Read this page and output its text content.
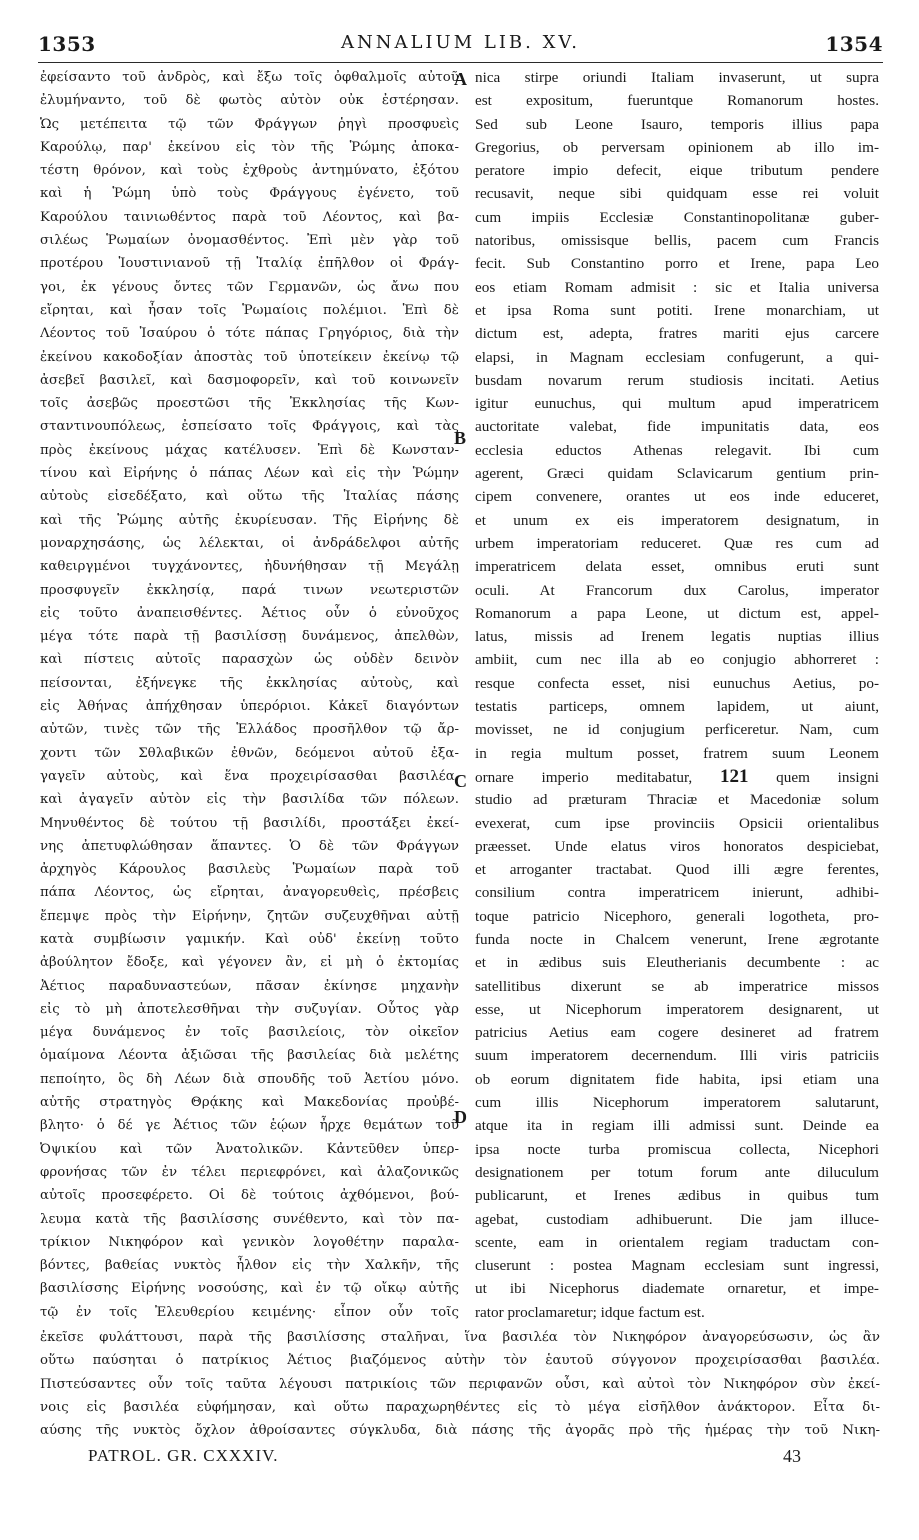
1353	ANNALIUM LIB. XV.	1354
ἐφείσαντο τοῦ ἀνδρὸς, καὶ ἔξω τοῖς ὀφθαλμοῖς αὐτοῦ
ἐλυμήναντο, τοῦ δὲ φωτὸς αὐτὸν οὐκ ἐστέρησαν.
Ὡς μετέπειτα τῷ τῶν Φράγγων ῥηγὶ προσφυεὶς
Καρούλῳ, παρ' ἐκείνου εἰς τὸν τῆς Ῥώμης ἀποκα-
τέστη θρόνον, καὶ τοὺς ἐχθροὺς ἀντημύνατο, ἐξότου
καὶ ἡ Ῥώμη ὑπὸ τοὺς Φράγγους ἐγένετο, τοῦ
Καρούλου ταινιωθέντος παρὰ τοῦ Λέοντος, καὶ βα-
σιλέως Ῥωμαίων ὀνομασθέντος. Ἐπὶ μὲν γὰρ τοῦ
προτέρου Ἰουστινιανοῦ τῇ Ἰταλίᾳ ἐπῆλθον οἱ Φράγ-
γοι, ἐκ γένους ὄντες τῶν Γερμανῶν, ὡς ἄνω που
εἴρηται, καὶ ἦσαν τοῖς Ῥωμαίοις πολέμιοι. Ἐπὶ δὲ
Λέοντος τοῦ Ἰσαύρου ὁ τότε πάπας Γρηγόριος, διὰ τὴν
ἐκείνου κακοδοξίαν ἀποστὰς τοῦ ὑποτείκειν ἐκείνῳ τῷ
ἀσεβεῖ βασιλεῖ, καὶ δασμοφορεῖν, καὶ τοῦ κοινωνεῖν
τοῖς ἀσεβῶς προεστῶσι τῆς Ἐκκλησίας τῆς Κων-
σταντινουπόλεως, ἐσπείσατο τοῖς Φράγγοις, καὶ τὰς
πρὸς ἐκείνους μάχας κατέλυσεν. Ἐπὶ δὲ Κωνσταν-
τίνου καὶ Εἰρήνης ὁ πάπας Λέων καὶ εἰς τὴν Ῥώμην
αὐτοὺς εἰσεδέξατο, καὶ οὕτω τῆς Ἰταλίας πάσης
καὶ τῆς Ῥώμης αὐτῆς ἐκυρίευσαν. Τῆς Εἰρήνης δὲ
μοναρχησάσης, ὡς λέλεκται, οἱ ἀνδράδελφοι αὐτῆς
καθειργμένοι τυγχάνοντες, ἠδυνήθησαν τῇ Μεγάλῃ
προσφυγεῖν ἐκκλησίᾳ, παρά τινων νεωτεριστῶν
εἰς τοῦτο ἀναπεισθέντες. Ἀέτιος οὖν ὁ εὐνοῦχος
μέγα τότε παρὰ τῇ βασιλίσσῃ δυνάμενος, ἀπελθὼν,
καὶ πίστεις αὐτοῖς παρασχὼν ὡς οὐδὲν δεινὸν
πείσονται, ἐξήνεγκε τῆς ἐκκλησίας αὐτοὺς, καὶ
εἰς Ἀθήνας ἀπήχθησαν ὑπερόριοι. Κἀκεῖ διαγόντων
αὐτῶν, τινὲς τῶν τῆς Ἑλλάδος προσῆλθον τῷ ἄρ-
χοντι τῶν Σθλαβικῶν ἐθνῶν, δεόμενοι αὐτοῦ ἐξα-
γαγεῖν αὐτοὺς, καὶ ἕνα προχειρίσασθαι βασιλέα,
καὶ ἀγαγεῖν αὐτὸν εἰς τὴν βασιλίδα τῶν πόλεων.
Μηνυθέντος δὲ τούτου τῇ βασιλίδι, προστάξει ἐκεί-
νης ἀπετυφλώθησαν ἅπαντες. Ὁ δὲ τῶν Φράγγων
ἀρχηγὸς Κάρουλος βασιλεὺς Ῥωμαίων παρὰ τοῦ
πάπα Λέοντος, ὡς εἴρηται, ἀναγορευθεὶς, πρέσβεις
ἔπεμψε πρὸς τὴν Εἰρήνην, ζητῶν συζευχθῆναι αὐτῇ
κατὰ συμβίωσιν γαμικήν. Καὶ οὐδ' ἐκείνῃ τοῦτο
ἀβούλητον ἔδοξε, καὶ γέγονεν ἂν, εἰ μὴ ὁ ἐκτομίας
Ἀέτιος παραδυναστεύων, πᾶσαν ἐκίνησε μηχανὴν
εἰς τὸ μὴ ἀποτελεσθῆναι τὴν συζυγίαν. Οὗτος γὰρ
μέγα δυνάμενος ἐν τοῖς βασιλείοις, τὸν οἰκεῖον
ὁμαίμονα Λέοντα ἀξιῶσαι τῆς βασιλείας διὰ μελέτης
πεποίητο, ὃς δὴ Λέων διὰ σπουδῆς τοῦ Ἀετίου μόνο.
αὐτῆς στρατηγὸς Θρᾴκης καὶ Μακεδονίας προὐβέ-
βλητο· ὁ δέ γε Ἀέτιος τῶν ἑῴων ἦρχε θεμάτων τοῦ
Ὀψικίου καὶ τῶν Ἀνατολικῶν. Κἀντεῦθεν ὑπερ-
φρονήσας τῶν ἐν τέλει περιεφρόνει, καὶ ἀλαζονικῶς
αὐτοῖς προσεφέρετο. Οἱ δὲ τούτοις ἀχθόμενοι, βού-
λευμα κατὰ τῆς βασιλίσσης συνέθεντο, καὶ τὸν πα-
τρίκιον Νικηφόρον καὶ γενικὸν λογοθέτην παραλα-
βόντες, βαθείας νυκτὸς ἦλθον εἰς τὴν Χαλκῆν, τῆς
βασιλίσσης Εἰρήνης νοσούσης, καὶ ἐν τῷ οἴκῳ αὐτῆς
τῷ ἐν τοῖς Ἐλευθερίου κειμένης· εἶπον οὖν τοῖς
nica stirpe oriundi Italiam invaserunt, ut supra
est expositum, fueruntque Romanorum hostes.
Sed sub Leone Isauro, temporis illius papa
Gregorius, ob perversam opinionem ab illo im-
peratore impio defecit, eique tributum pendere
recusavit, neque sibi quidquam esse rei voluit
cum impiis Ecclesiæ Constantinopolitanæ guber-
natoribus, omissisque bellis, pacem cum Francis
fecit. Sub Constantino porro et Irene, papa Leo
eos etiam Romam admisit : sic et Italia universa
et ipsa Roma sunt potiti. Irene monarchiam, ut
dictum est, adepta, fratres mariti ejus carcere
elapsi, in Magnam ecclesiam confugerunt, a qui-
busdam novarum rerum studiosis incitati. Aetius
igitur eunuchus, qui multum apud imperatricem
auctoritate valebat, fide impunitatis data, eos
ecclesia eductos Athenas relegavit. Ibi cum
agerent, Græci quidam Sclavicarum gentium prin-
cipem convenere, orantes ut eos inde educeret,
et unum ex eis imperatorem designatum, in
urbem imperatoriam reduceret. Quæ res cum ad
imperatricem delata esset, omnibus eruti sunt
oculi. At Francorum dux Carolus, imperator
Romanorum a papa Leone, ut dictum est, appel-
latus, missis ad Irenem legatis nuptias illius
ambiit, cum nec illa ab eo conjugio abhorreret :
resque confecta esset, nisi eunuchus Aetius, po-
testatis particeps, omnem lapidem, ut aiunt,
movisset, ne id conjugium perficeretur. Nam, cum
in regia multum posset, fratrem suum Leonem
ornare imperio meditabatur, 121 quem insigni
studio ad præturam Thraciæ et Macedoniæ solum
evexerat, cum ipse provinciis Opsicii orientalibus
præesset. Unde elatus viros honoratos despiciebat,
et arroganter tractabat. Quod illi ægre ferentes,
consilium contra imperatricem inierunt, adhibi-
toque patricio Nicephoro, generali logotheta, pro-
funda nocte in Chalcem venerunt, Irene ægrotante
et in ædibus suis Eleutherianis decumbente : ac
satellitibus dixerunt se ab imperatrice missos
esse, ut Nicephorum imperatorem designarent, ut
patricius Aetius eam cogere desineret ad fratrem
suum imperatorem decernendum. Illi viris patriciis
ob eorum dignitatem fide habita, ipsi etiam una
cum illis Nicephorum imperatorem salutarunt,
atque ita in regiam illi admissi sunt. Deinde ea
ipsa nocte turba promiscua collecta, Nicephori
designationem per totum forum ante diluculum
publicarunt, et Irenes ædibus in quibus tum
agebat, custodiam adhibuerunt. Die jam illuce-
scente, eam in orientalem regiam traductam con-
cluserunt : postea Magnam ecclesiam sunt ingressi,
ut ibi Nicephorus diademate ornaretur, et impe-
rator proclamaretur; idque factum est.
A
B
C
D
ἐκεῖσε φυλάττουσι, παρὰ τῆς βασιλίσσης σταλῆναι, ἵνα βασιλέα τὸν Νικηφόρον ἀναγορεύσωσιν, ὡς ἂν
οὕτω παύσηται ὁ πατρίκιος Ἀέτιος βιαζόμενος αὐτὴν τὸν ἑαυτοῦ σύγγονον προχειρίσασθαι βασιλέα.
Πιστεύσαντες οὖν τοῖς ταῦτα λέγουσι πατρικίοις τῶν περιφανῶν οὖσι, καὶ αὐτοὶ τὸν Νικηφόρον σὺν ἐκεί-
νοις εἰς βασιλέα εὐφήμησαν, καὶ οὕτω παραχωρηθέντες εἰς τὸ μέγα εἰσῆλθον ἀνάκτορον. Εἶτα δι-
αύσης τῆς νυκτὸς ὄχλον ἀθροίσαντες σύγκλυδα, διὰ πάσης τῆς ἀγορᾶς πρὸ τῆς ἡμέρας τὴν τοῦ Νικη-
PATROL. GR. CXXXIV.	43
